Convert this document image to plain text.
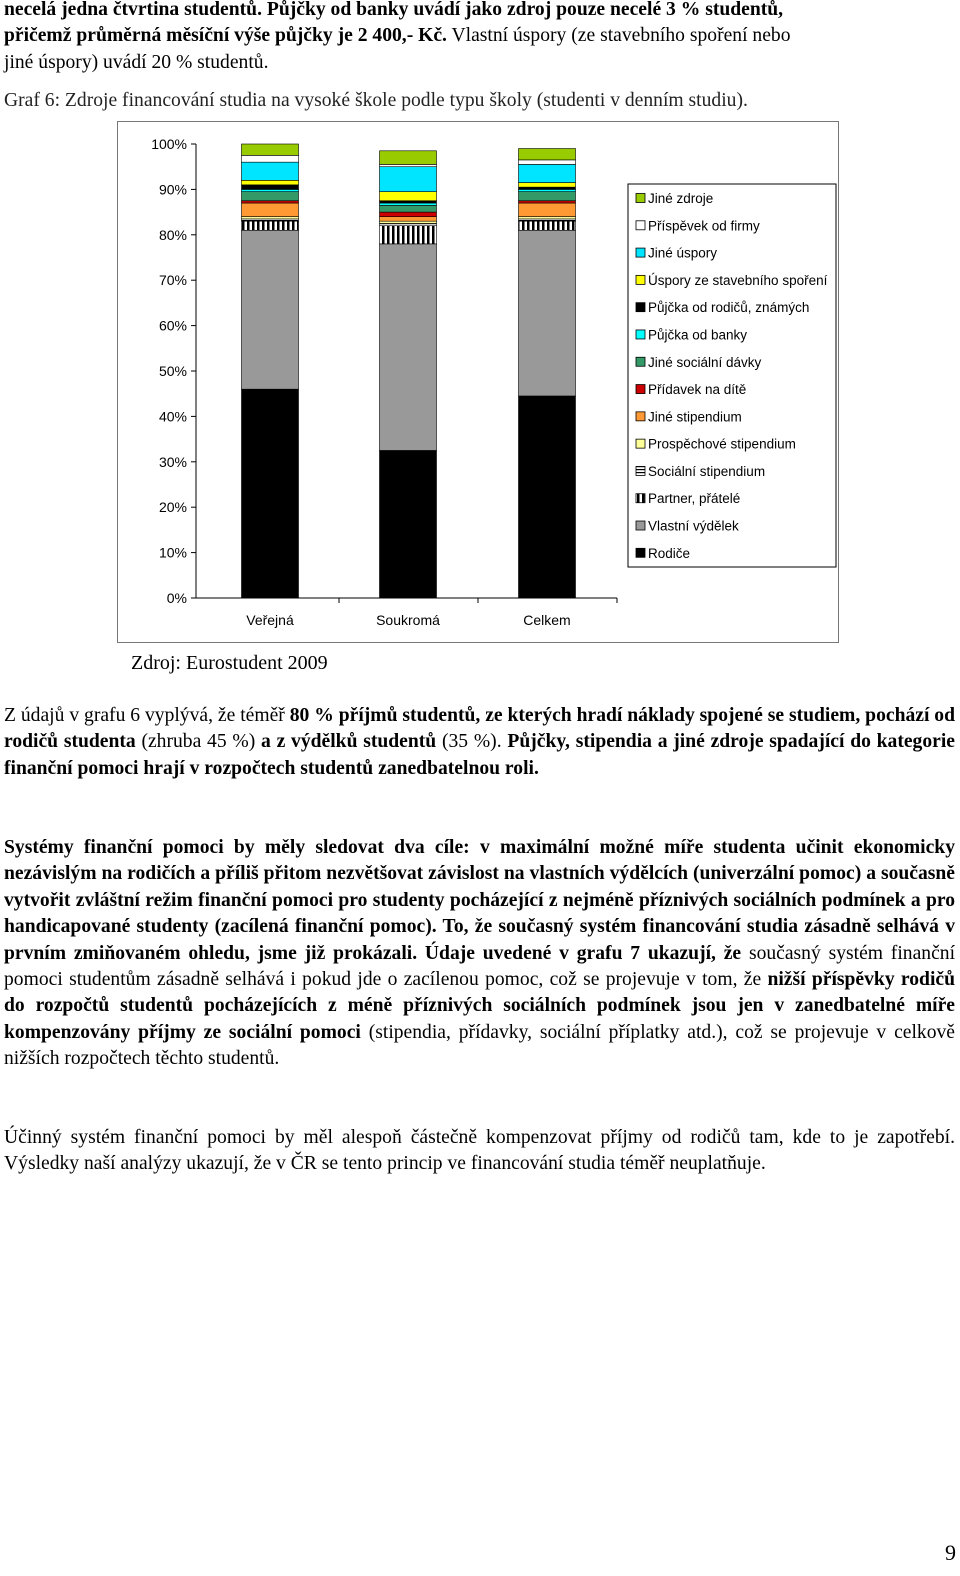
necelá jedna čtvrtina studentů. Půjčky od banky uvádí jako zdroj pouze necelé 3 % studentů,
přičemž průměrná měsíční výše půjčky je 2 400,- Kč. Vlastní úspory (ze stavebního spoření nebo
jiné úspory) uvádí 20 % studentů.

Graf 6: Zdroje financování studia na vysoké škole podle typu školy (studenti v denním studiu).
0%
10%
20%
30%
40%
50%
60%
70%
80%
90%
100%
Veřejná	Soukromá	Celkem
Jiné zdroje
Příspěvek od firmy
Jiné úspory
Úspory ze stavebního spoření
Půjčka od rodičů, známých
Půjčka od banky
Jiné sociální dávky
Přídavek na dítě
Jiné stipendium
Prospěchové stipendium
Sociální stipendium
Partner, přátelé
Vlastní výdělek
Rodiče
Zdroj: Eurostudent 2009

Z údajů v grafu 6 vyplývá, že téměř 80 % příjmů studentů, ze kterých hradí náklady spojené se studiem, pochází od rodičů studenta (zhruba 45 %) a z výdělků studentů (35 %). Půjčky, stipendia a jiné zdroje spadající do kategorie finanční pomoci hrají v rozpočtech studentů zanedbatelnou roli.

Systémy finanční pomoci by měly sledovat dva cíle: v maximální možné míře studenta učinit ekonomicky nezávislým na rodičích a příliš přitom nezvětšovat závislost na vlastních výdělcích (univerzální pomoc) a současně vytvořit zvláštní režim finanční pomoci pro studenty pocházející z nejméně příznivých sociálních podmínek a pro handicapované studenty (zacílená finanční pomoc). To, že současný systém financování studia zásadně selhává v prvním zmiňovaném ohledu, jsme již prokázali. Údaje uvedené v grafu 7 ukazují, že současný systém finanční pomoci studentům zásadně selhává i pokud jde o zacílenou pomoc, což se projevuje v tom, že nižší příspěvky rodičů do rozpočtů studentů pocházejících z méně příznivých sociálních podmínek jsou jen v zanedbatelné míře kompenzovány příjmy ze sociální pomoci (stipendia, přídavky, sociální příplatky atd.), což se projevuje v celkově nižších rozpočtech těchto studentů.

Účinný systém finanční pomoci by měl alespoň částečně kompenzovat příjmy od rodičů tam, kde to je zapotřebí. Výsledky naší analýzy ukazují, že v ČR se tento princip ve financování studia téměř neuplatňuje.

9
